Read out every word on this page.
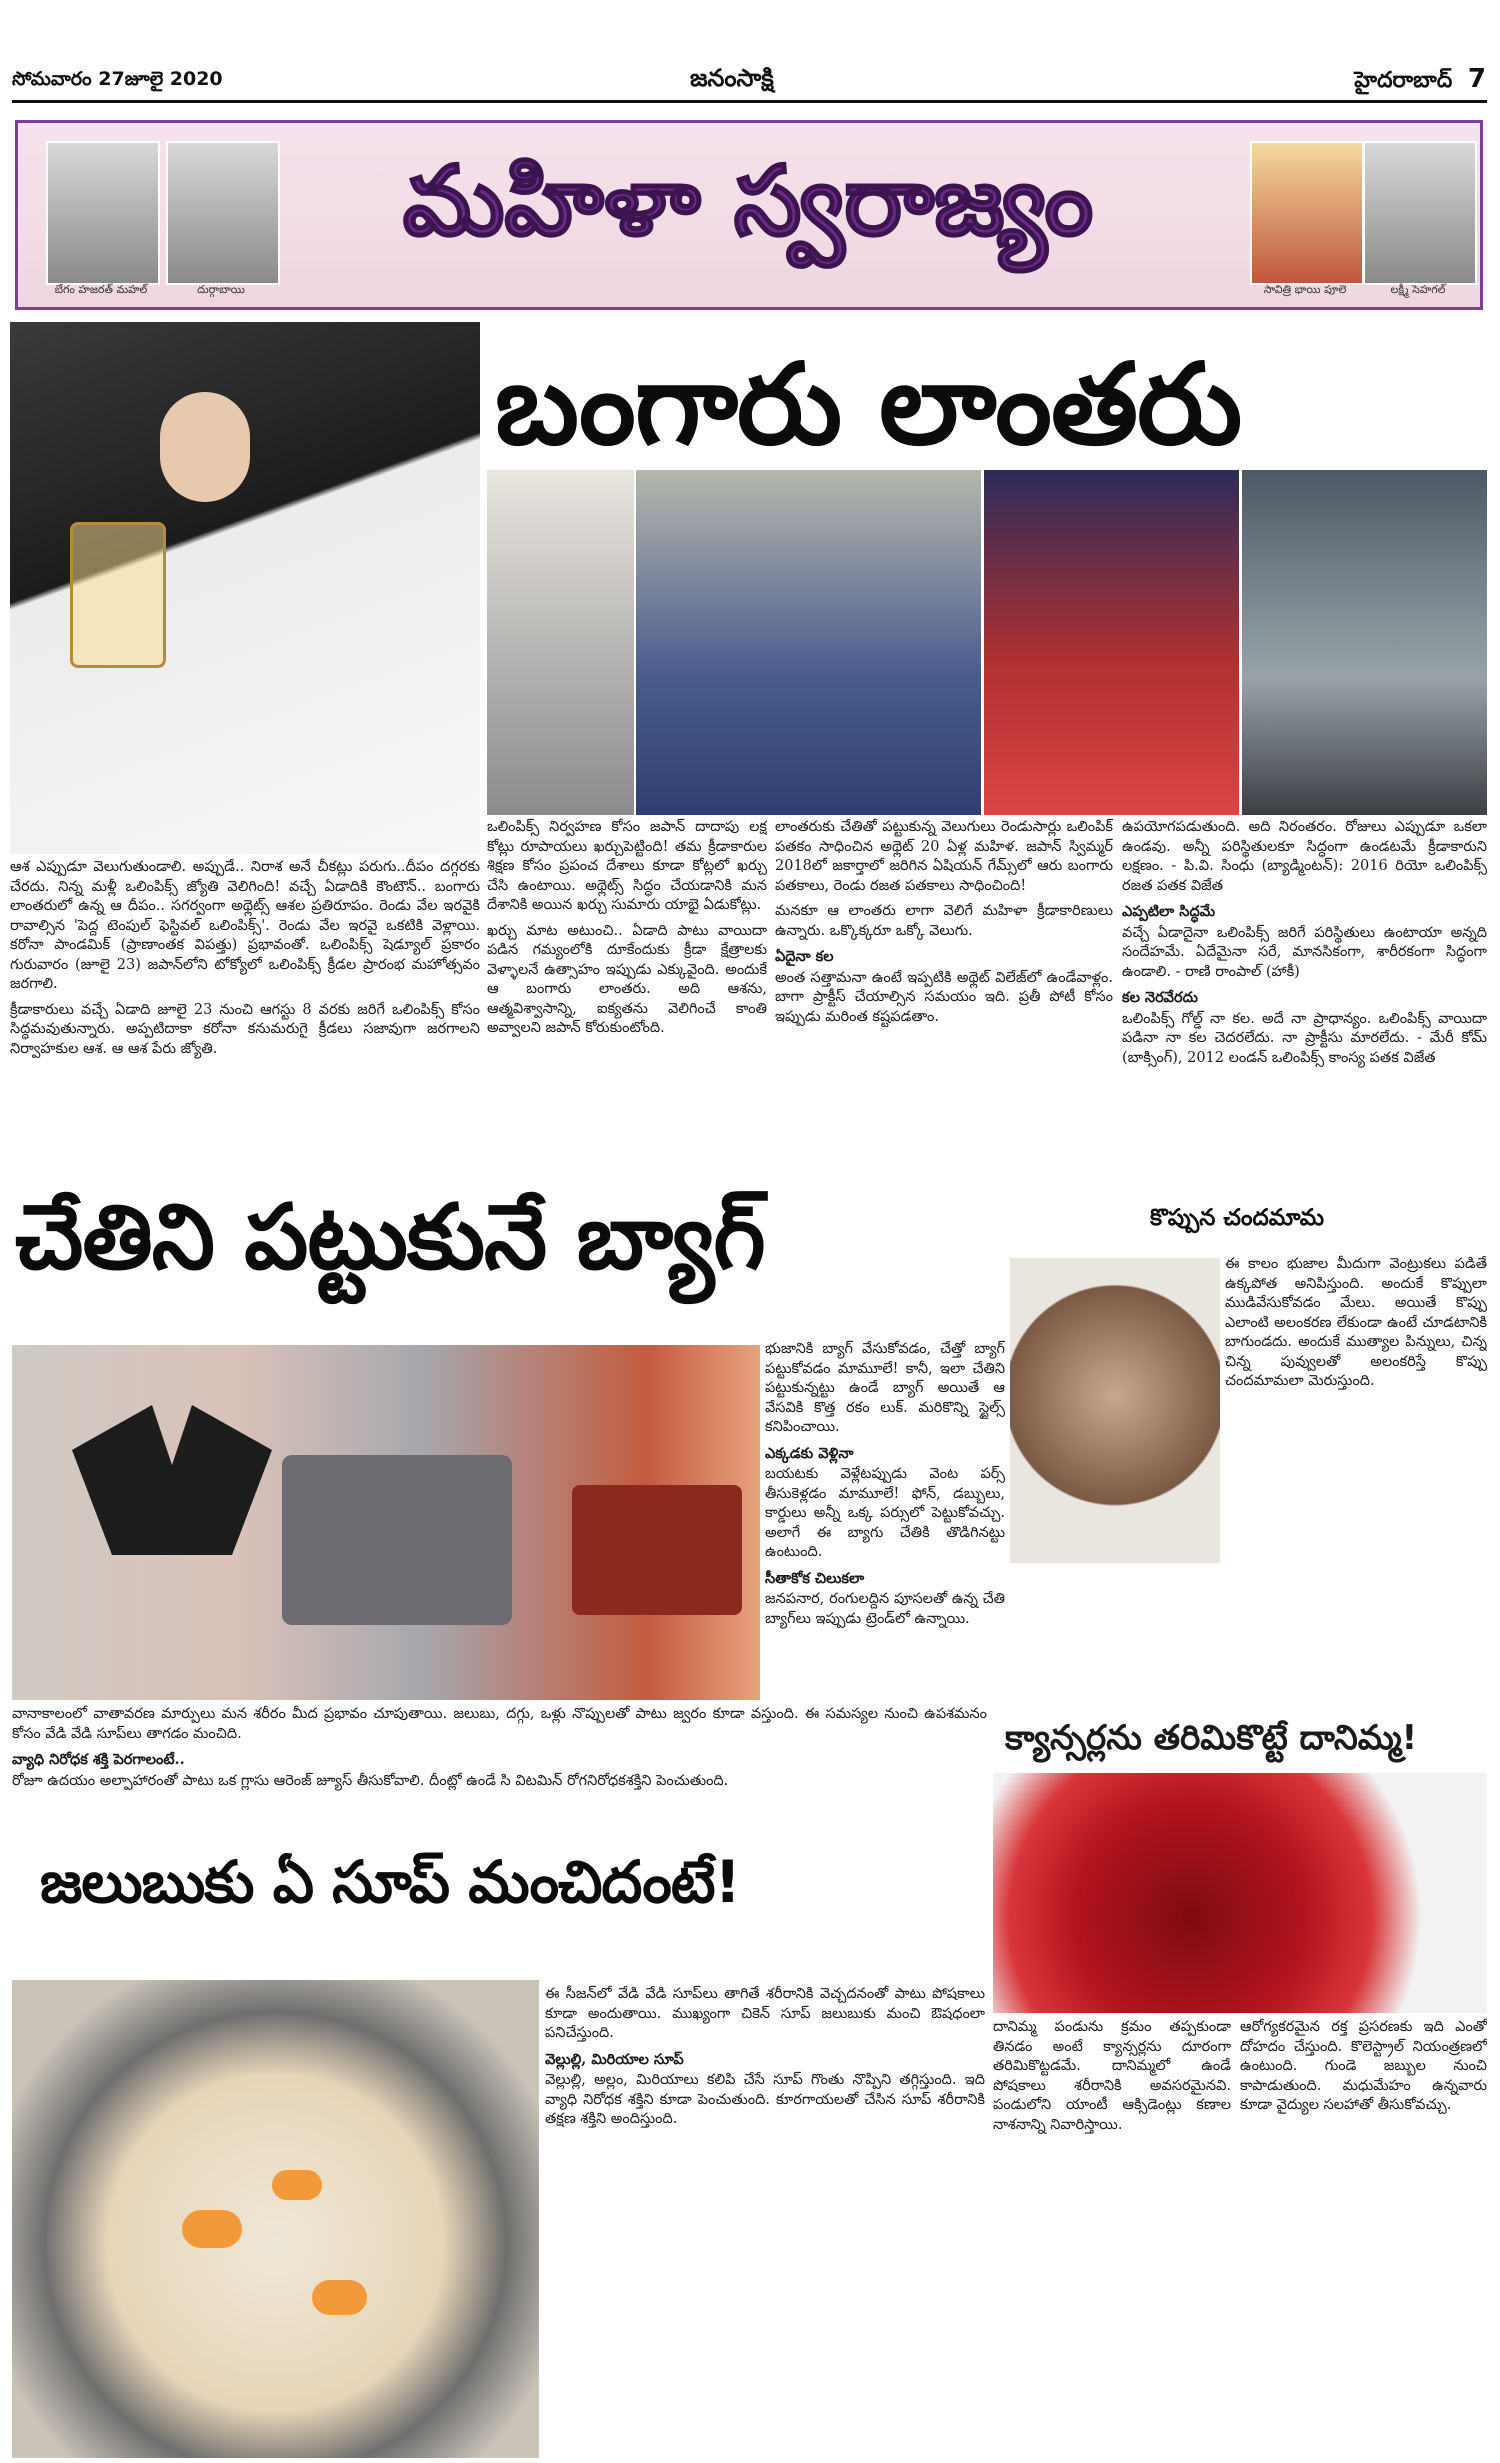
సోమవారం 27జూలై 2020	జనంసాక్షి	హైదరాబాద్ 7
బేగం హజరత్ మహల్	దుర్గాబాయి
మహిళా స్వరాజ్యం
సావిత్రి భాయి పూలె	లక్ష్మీ సెహగల్
బంగారు లాంతరు

ఆశ ఎప్పుడూ వెలుగుతుండాలి. అప్పుడే.. నిరాశ అనే చీకట్లు పరుగు..దీపం దగ్గరకు చేరదు. నిన్న మళ్లీ ఒలింపిక్స్ జ్యోతి వెలిగింది! వచ్చే ఏడాదికి కౌంటౌన్.. బంగారు లాంతరులో ఉన్న ఆ దీపం.. సగర్వంగా అథ్లెట్స్ ఆశల ప్రతిరూపం. రెండు వేల ఇరవైకి రావాల్సిన 'పెద్ద టెంపుల్ ఫెస్టివల్ ఒలింపిక్స్'. రెండు వేల ఇరవై ఒకటికి వెళ్లాయి. కరోనా పాండమిక్ (ప్రాణాంతక విపత్తు) ప్రభావంతో. ఒలింపిక్స్ షెడ్యూల్ ప్రకారం గురువారం (జూలై 23) జపాన్‌లోని టోక్యోలో ఒలింపిక్స్ క్రీడల ప్రారంభ మహోత్సవం జరగాలి.

క్రీడాకారులు వచ్చే ఏడాది జూలై 23 నుంచి ఆగస్టు 8 వరకు జరిగే ఒలింపిక్స్ కోసం సిద్ధమవుతున్నారు. అప్పటిదాకా కరోనా కనుమరుగై క్రీడలు సజావుగా జరగాలని నిర్వాహకుల ఆశ. ఆ ఆశ పేరు జ్యోతి.

ఒలింపిక్స్ నిర్వహణ కోసం జపాన్ దాదాపు లక్ష కోట్లు రూపాయలు ఖర్చుపెట్టింది! తమ క్రీడాకారుల శిక్షణ కోసం ప్రపంచ దేశాలు కూడా కోట్లలో ఖర్చు చేసి ఉంటాయి. అథ్లెట్స్ సిద్ధం చేయడానికి మన దేశానికి అయిన ఖర్చు సుమారు యాభై ఏడుకోట్లు.

ఖర్చు మాట అటుంచి.. ఏడాది పాటు వాయిదా పడిన గమ్యంలోకి దూకేందుకు క్రీడా క్షేత్రాలకు వెళ్ళాలనే ఉత్సాహం ఇప్పుడు ఎక్కువైంది. అందుకే ఆ బంగారు లాంతరు. అది ఆశను, ఆత్మవిశ్వాసాన్ని, ఐక్యతను వెలిగించే కాంతి అవ్వాలని జపాన్ కోరుకుంటోంది.

లాంతరుకు చేతితో పట్టుకున్న వెలుగులు రెండుసార్లు ఒలింపిక్ పతకం సాధించిన అథ్లెట్ 20 ఏళ్ల మహిళ. జపాన్ స్విమ్మర్ 2018లో జకార్తాలో జరిగిన ఏషియన్ గేమ్స్‌లో ఆరు బంగారు పతకాలు, రెండు రజత పతకాలు సాధించింది!

మనకూ ఆ లాంతరు లాగా వెలిగే మహిళా క్రీడాకారిణులు ఉన్నారు. ఒక్కొక్కరూ ఒక్కో వెలుగు.

ఏదైనా కల

అంత సత్తామనా ఉంటే ఇప్పటికి అథ్లెట్ విలేజ్‌లో ఉండేవాళ్లం. బాగా ప్రాక్టీస్ చేయాల్సిన సమయం ఇది. ప్రతీ పోటీ కోసం ఇప్పుడు మరింత కష్టపడతాం.

ఉపయోగపడుతుంది. అది నిరంతరం. రోజులు ఎప్పుడూ ఒకలా ఉండవు. అన్నీ పరిస్థితులకూ సిద్ధంగా ఉండటమే క్రీడాకారుని లక్షణం. - పి.వి. సింధు (బ్యాడ్మింటన్): 2016 రియో ఒలింపిక్స్ రజత పతక విజేత

ఎప్పటిలా సిద్ధమే

వచ్చే ఏడాదైనా ఒలింపిక్స్ జరిగే పరిస్థితులు ఉంటాయా అన్నది సందేహమే. ఏదేమైనా సరే, మానసికంగా, శారీరకంగా సిద్ధంగా ఉండాలి. - రాణి రాంపాల్ (హాకీ)

కల నెరవేరదు

ఒలింపిక్స్ గోల్డ్ నా కల. అదే నా ప్రాధాన్యం. ఒలింపిక్స్ వాయిదా పడినా నా కల చెదరలేదు. నా ప్రాక్టీసు మారలేదు. - మేరీ కోమ్ (బాక్సింగ్), 2012 లండన్ ఒలింపిక్స్ కాంస్య పతక విజేత

చేతిని పట్టుకునే బ్యాగ్

భుజానికి బ్యాగ్ వేసుకోవడం, చేత్తో బ్యాగ్ పట్టుకోవడం మామూలే! కానీ, ఇలా చేతిని పట్టుకున్నట్టు ఉండే బ్యాగ్ అయితే ఆ వేసవికి కొత్త రకం లుక్. మరికొన్ని స్టైల్స్ కనిపించాయి.

ఎక్కడకు వెళ్లినా

బయటకు వెళ్లేటప్పుడు వెంట పర్స్ తీసుకెళ్లడం మామూలే! ఫోన్, డబ్బులు, కార్డులు అన్నీ ఒక్క పర్సులో పెట్టుకోవచ్చు. అలాగే ఈ బ్యాగు చేతికి తొడిగినట్టు ఉంటుంది.

సీతాకోక చిలుకలా

జనపనార, రంగులద్దిన పూసలతో ఉన్న చేతి బ్యాగ్‌లు ఇప్పుడు ట్రెండ్‌లో ఉన్నాయి.

కొప్పున చందమామ

ఈ కాలం భుజాల మీదుగా వెంట్రుకలు పడితే ఉక్కపోత అనిపిస్తుంది. అందుకే కొప్పులా ముడివేసుకోవడం మేలు. అయితే కొప్పు ఎలాంటి అలంకరణ లేకుండా ఉంటే చూడటానికి బాగుండదు. అందుకే ముత్యాల పిన్నులు, చిన్న చిన్న పువ్వులతో అలంకరిస్తే కొప్పు చందమామలా మెరుస్తుంది.

క్యాన్సర్లను తరిమికొట్టే దానిమ్మ!

దానిమ్మ పండును క్రమం తప్పకుండా తినడం అంటే క్యాన్సర్లను దూరంగా తరిమికొట్టడమే. దానిమ్మలో ఉండే పోషకాలు శరీరానికి అవసరమైనవి. పండులోని యాంటీ ఆక్సిడెంట్లు కణాల నాశనాన్ని నివారిస్తాయి.

ఆరోగ్యకరమైన రక్త ప్రసరణకు ఇది ఎంతో దోహదం చేస్తుంది. కొలెస్ట్రాల్ నియంత్రణలో ఉంటుంది. గుండె జబ్బుల నుంచి కాపాడుతుంది. మధుమేహం ఉన్నవారు కూడా వైద్యుల సలహాతో తీసుకోవచ్చు.

వానాకాలంలో వాతావరణ మార్పులు మన శరీరం మీద ప్రభావం చూపుతాయి. జలుబు, దగ్గు, ఒళ్లు నొప్పులతో పాటు జ్వరం కూడా వస్తుంది. ఈ సమస్యల నుంచి ఉపశమనం కోసం వేడి వేడి సూప్‌లు తాగడం మంచిది.

వ్యాధి నిరోధక శక్తి పెరగాలంటే..

రోజూ ఉదయం అల్పాహారంతో పాటు ఒక గ్లాసు ఆరెంజ్ జ్యూస్ తీసుకోవాలి. దీంట్లో ఉండే సి విటమిన్ రోగనిరోధకశక్తిని పెంచుతుంది.

జలుబుకు ఏ సూప్ మంచిదంటే!

ఈ సీజన్‌లో వేడి వేడి సూప్‌లు తాగితే శరీరానికి వెచ్చదనంతో పాటు పోషకాలు కూడా అందుతాయి. ముఖ్యంగా చికెన్ సూప్ జలుబుకు మంచి ఔషధంలా పనిచేస్తుంది.

వెల్లుల్లి, మిరియాల సూప్

వెల్లుల్లి, అల్లం, మిరియాలు కలిపి చేసే సూప్ గొంతు నొప్పిని తగ్గిస్తుంది. ఇది వ్యాధి నిరోధక శక్తిని కూడా పెంచుతుంది. కూరగాయలతో చేసిన సూప్ శరీరానికి తక్షణ శక్తిని అందిస్తుంది.
